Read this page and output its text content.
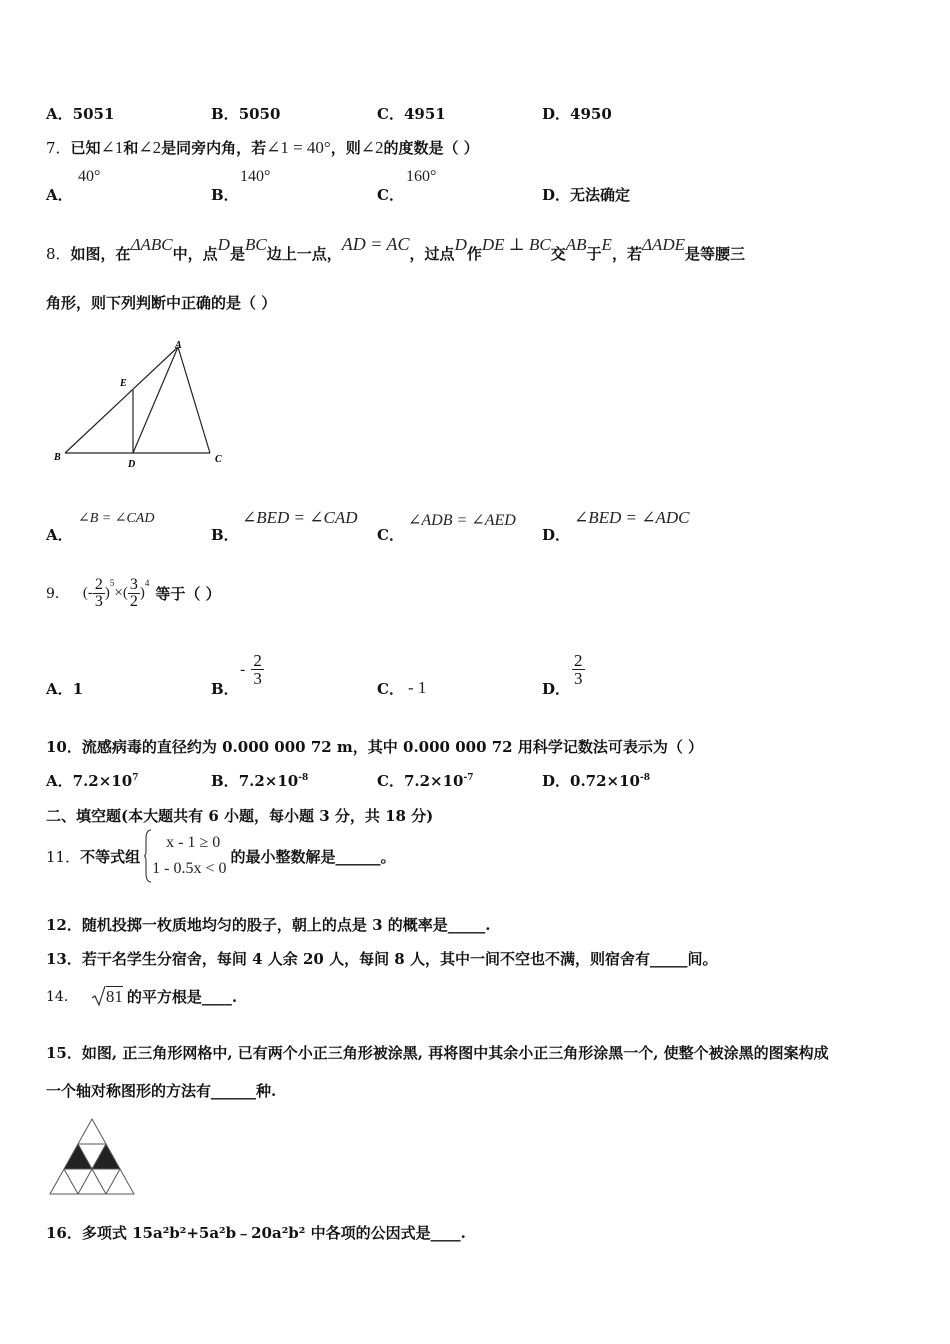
A．5051	B．5050	C．4951	D．4950
7．已知∠1和∠2是同旁内角，若∠1 = 40°，则∠2的度数是（ ）
A．
40°
B．
140°
C．
160°
D．无法确定
8．如图，在ΔABC中，点D是BC边上一点，AD = AC，过点D作DE ⊥ BC交AB于E，若ΔADE是等腰三
角形，则下列判断中正确的是（ ）
A
E
B
D	C
A．
∠B = ∠CAD
B．
∠BED = ∠CAD
C．
∠ADB = ∠AED
D．
∠BED = ∠ADC
9． (- $\frac{2}{3}$ )
$^5$
×( $\frac{3}{2}$ )
$^4$
等于（ ）
A．1	B．
- $\frac{2}{3}$
C． - 1	D．
$\frac{2}{3}$
10．流感病毒的直径约为 0.000 000 72 m，其中 0.000 000 72 用科学记数法可表示为（ ）
A．$7.2\times 10^7$	B．$7.2\times 10^{-8}$	C．$7.2\times 10^{-7}$	D．$0.72\times 10^{-8}$
二、填空题(本大题共有 6 小题，每小题 3 分，共 18 分)
11． 不等式组
x - 1 ≥ 0
1 - 0.5x < 0
的最小整数解是______。
12．随机投掷一枚质地均匀的股子，朝上的点是 3 的概率是_____.
13．若干名学生分宿舍，每间 4 人余 20 人，每间 8 人，其中一间不空也不满，则宿舍有_____间。
14． 81 的平方根是____.
15．如图, 正三角形网格中, 已有两个小正三角形被涂黑, 再将图中其余小正三角形涂黑一个, 使整个被涂黑的图案构成
一个轴对称图形的方法有______种.
16．多项式 15a²b²+5a²b﹣20a²b² 中各项的公因式是____.
